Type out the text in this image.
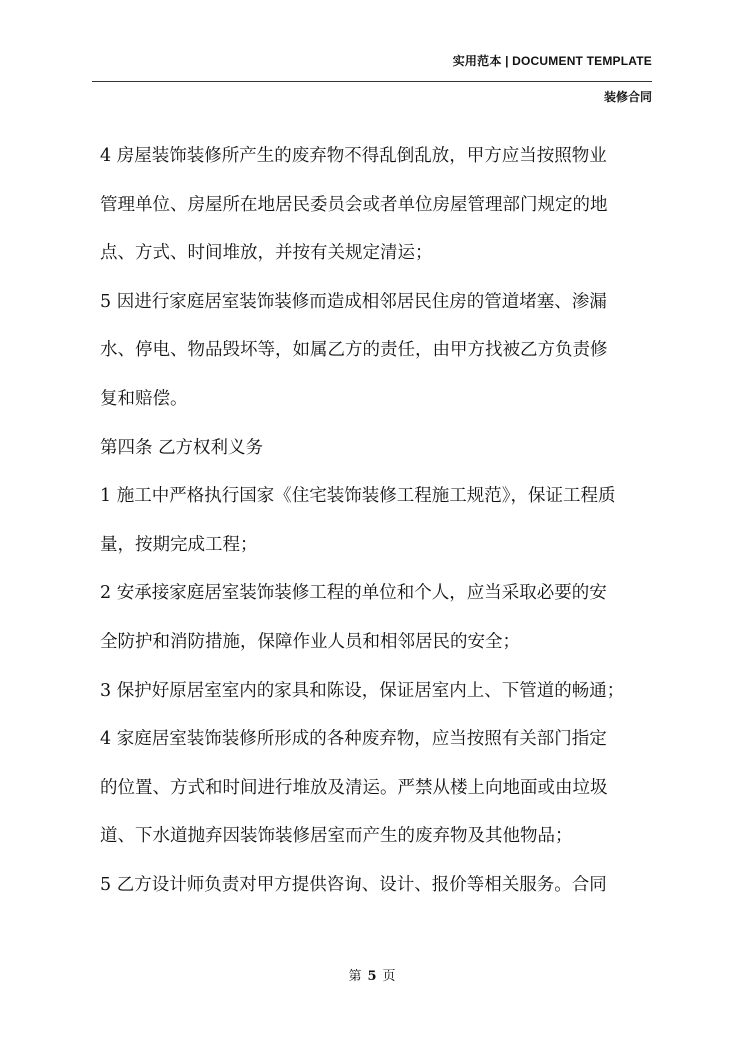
实用范本 | DOCUMENT TEMPLATE
装修合同

4 房屋装饰装修所产生的废弃物不得乱倒乱放，甲方应当按照物业

管理单位、房屋所在地居民委员会或者单位房屋管理部门规定的地

点、方式、时间堆放，并按有关规定清运；

5 因进行家庭居室装饰装修而造成相邻居民住房的管道堵塞、渗漏

水、停电、物品毁坏等，如属乙方的责任，由甲方找被乙方负责修

复和赔偿。

第四条 乙方权利义务

1 施工中严格执行国家《住宅装饰装修工程施工规范》，保证工程质

量，按期完成工程；

2 安承接家庭居室装饰装修工程的单位和个人，应当采取必要的安

全防护和消防措施，保障作业人员和相邻居民的安全；

3 保护好原居室室内的家具和陈设，保证居室内上、下管道的畅通；

4 家庭居室装饰装修所形成的各种废弃物，应当按照有关部门指定

的位置、方式和时间进行堆放及清运。严禁从楼上向地面或由垃圾

道、下水道抛弃因装饰装修居室而产生的废弃物及其他物品；

5 乙方设计师负责对甲方提供咨询、设计、报价等相关服务。合同

第 5 页
